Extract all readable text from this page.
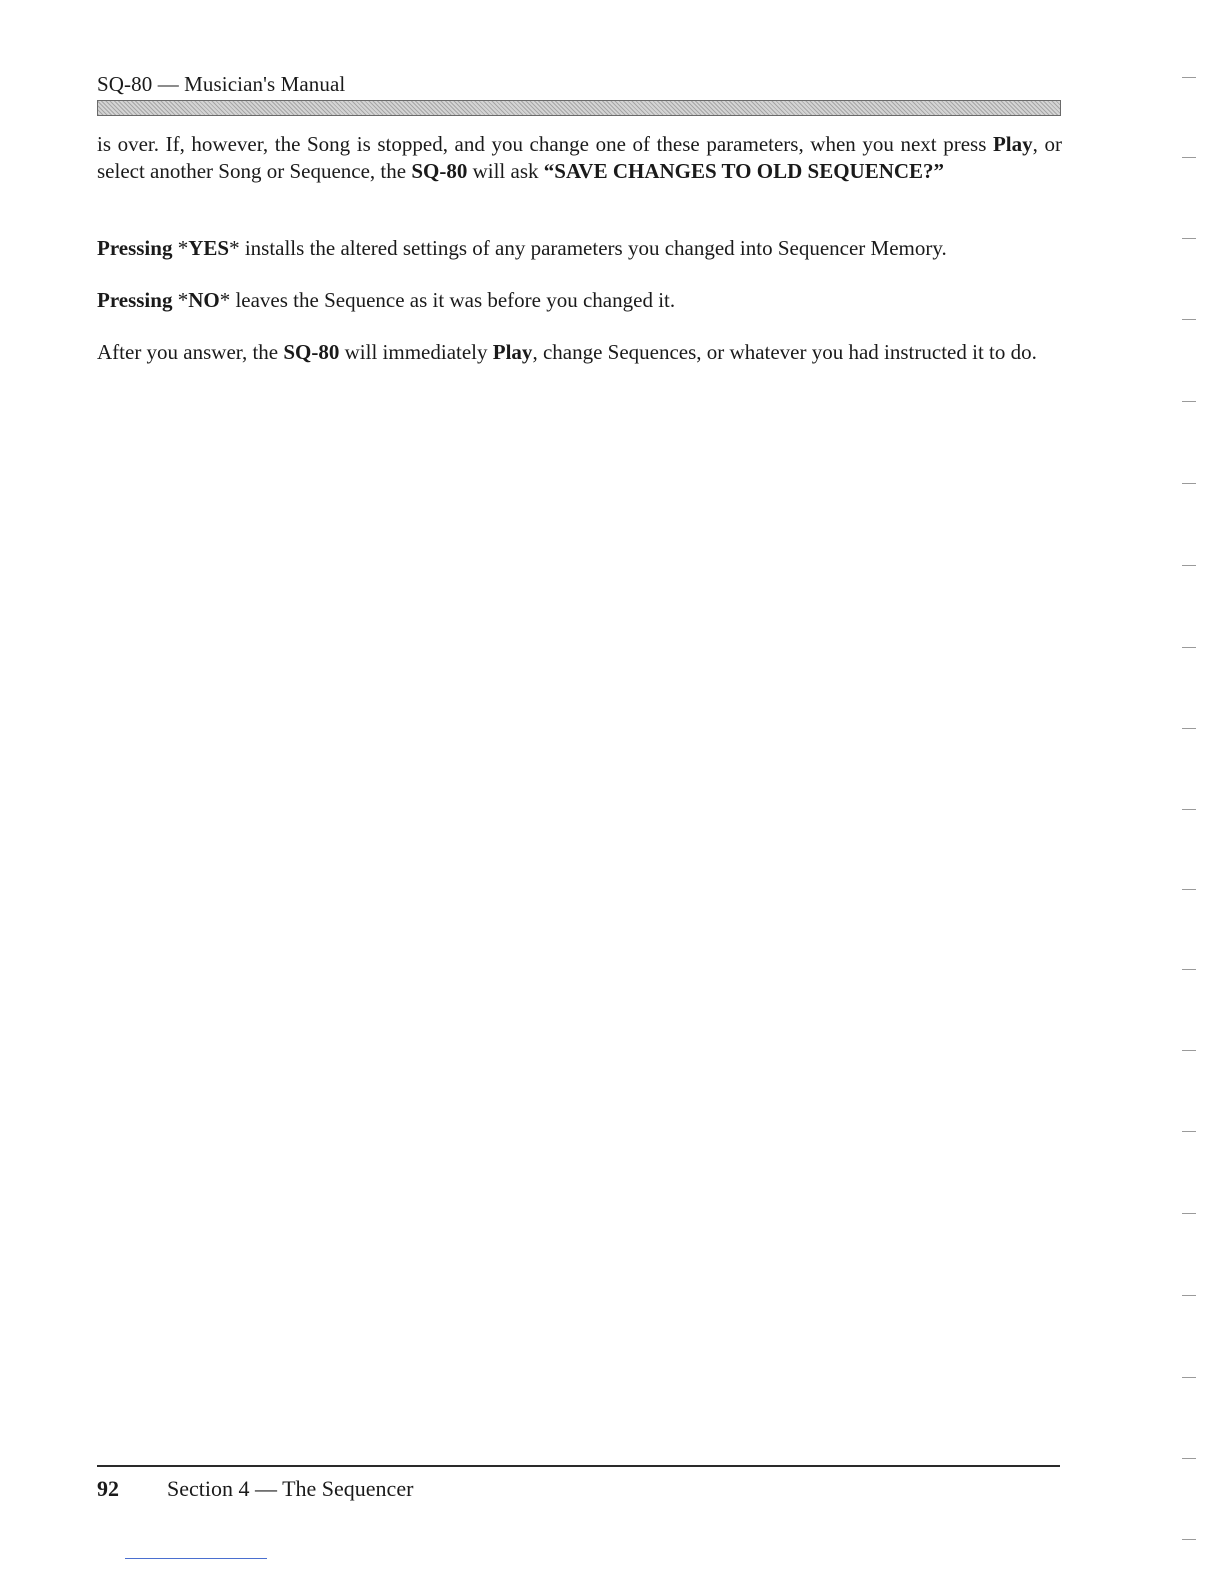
SQ-80 — Musician's Manual

is over. If, however, the Song is stopped, and you change one of these parameters, when you next press Play, or select another Song or Sequence, the SQ-80 will ask “SAVE CHANGES TO OLD SEQUENCE?”

Pressing *YES* installs the altered settings of any parameters you changed into Sequencer Memory.

Pressing *NO* leaves the Sequence as it was before you changed it.

After you answer, the SQ-80 will immediately Play, change Sequences, or whatever you had instructed it to do.

92 Section 4 — The Sequencer
